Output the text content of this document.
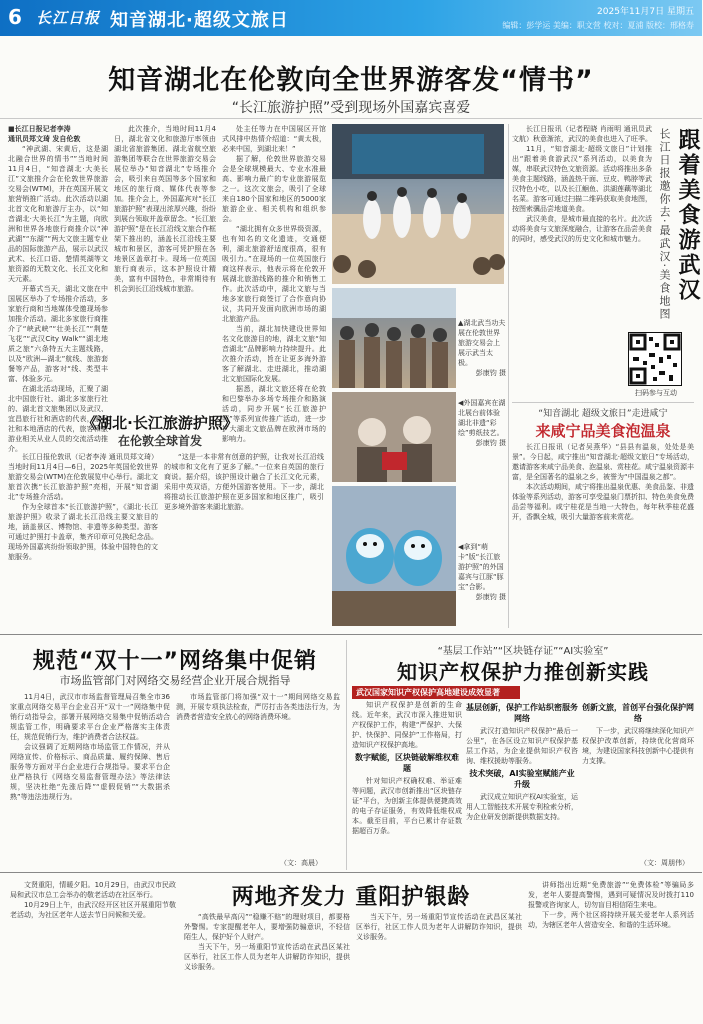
6 长江日报 知音湖北·超级文旅日	2025年11月7日 星期五
编辑：彭学运 美编：职文营 校对：夏浦 版校：邢格寿
知音湖北在伦敦向全世界游客发“情书”
“长江旅游护照”受到现场外国嘉宾喜爱
■长江日报记者李涛
通讯员郑文琦 发自伦敦
“神武湖、宋黄后，这是湖北融合世界的情书””当地时间11月4日，“知音湖北·大美长江”文旅推介会在伦敦世界旅游交易会(WTM)，并在英国开展文旅营销推广活动。此次活动以湖北首文化和旅游厅主办，以“知音湖北·大美长江”为主题，向欧洲和世界各地旅行商推介以“神武湖”“东湖”“两大文旅主题专业品的国际旅游产品，展示以武汉武术、长江口语、楚情英湖等文旅资源的无数文化、长江文化和天元素。
开幕式当天，湖北文旅在中国展区举办了专场推介活动，多家旅行商和当地媒体受邀现场参加推介活动。湖北多家旅行商推介了“峡武峡”“壮美长江”“荆楚飞花”“武汉City Walk”“湖北地质之旅”六条特五大主题线路，以及“欧洲—湖北”航线、旅游套餐等产品，游客对“线、类型丰富、体验多元。
在湖北活动现场，汇聚了湖北中国旅行社、湖北多家旅行社的、湖北首文旅集团以及武汉、宜昌旅行社和酒店的代表，旅行社和本地酒店的代表，旅客和旅游业相关从业人员的交流活动推介。
此次推介，当地时间11月4日，湖北省文化和旅游厅率领由湖北省旅游集团、湖北省航空旅游集团等联合在世界旅游交易会展位举办“知音湖北”专场推介会，吸引来自英国等多个国家和地区的旅行商、媒体代表等参加。推介会上，外国嘉宾对“长江旅游护照”表现出浓厚兴趣，纷纷到展台领取并盖章留念。“长江旅游护照”是在长江沿线文旅合作框架下推出的，涵盖长江沿线主要城市和景区，游客可凭护照在各地景区盖章打卡。现场一位英国旅行商表示，这本护照设计精美，富有中国特色，非常期待有机会到长江沿线城市旅游。
处主任等力在中国展区开馆式风排中热情介绍道：“黄太极，必来中国，到湖北来！”
据了解，伦敦世界旅游交易会是全球规模最大、专业水准最高、影响力最广的专业旅游展览之一。这次文旅会，吸引了全球来自180个国家和地区的5000家旅游企业、相关机构和组织参会。
“湖北拥有众多世界级资源，也有知名的文化遗迹，交通便利，湖北旅游舒适度很高，很有吸引力。”在现场的一位英国旅行商这样表示，他表示将在伦敦开展湖北旅游线路的推介和销售工作。此次活动中，湖北文旅与当地多家旅行商签订了合作意向协议，共同开发面向欧洲市场的湖北旅游产品。
当前，湖北加快建设世界知名文化旅游目的地，湖北文旅“知音湖北”品牌影响力持续提升。此次推介活动，旨在让更多海外游客了解湖北、走进湖北，推动湖北文旅国际化发展。
据悉，湖北文旅还将在伦敦和巴黎举办多场专场推介和路演活动，同步开展“长江旅游护照”等系列宣传推广活动，进一步扩大湖北文旅品牌在欧洲市场的影响力。
▲湖北武当功夫展在伦敦世界旅游交易会上展示武当太极。
彭康钧 摄
◀外国嘉宾在湖北展台前体验湖北非遗“彩绘”剪纸技艺。
彭康钧 摄
◀拿到“萌卡”版“长江旅游护照”的外国嘉宾与江豚“豚宝”合影。
彭康钧 摄
《湖北·长江旅游护照》
在伦敦全球首发
长江日报伦敦讯（记者李涛 通讯员郑文琦）当地时间11月4日—6日，2025年英国伦敦世界旅游交易会(WTM)在伦敦展览中心举行。湖北文旅首次携“长江旅游护照”亮相，开展“知音湖北”专场推介活动。
作为全球首本“长江旅游护照”，《湖北·长江旅游护照》收录了湖北长江沿线主要文旅目的地，涵盖景区、博物馆、非遗等多种类型。游客可通过护照打卡盖章，集齐印章可兑换纪念品。现场外国嘉宾纷纷领取护照，体验中国特色的文旅服务。
“这是一本非常有创意的护照，让我对长江沿线的城市和文化有了更多了解。”一位来自英国的旅行商说。据介绍，该护照设计融合了长江文化元素，采用中英双语，方便外国游客使用。下一步，湖北将推动长江旅游护照在更多国家和地区推广，吸引更多境外游客来湖北旅游。
长江日报讯（记者程晓 肖雨明 通讯员武文航）秋意渐浓，武汉的美食也进入了旺季。
11月，“知音湖北·超级文旅日”计划推出“跟着美食游武汉”系列活动，以美食为媒，串联武汉特色文旅资源。活动将推出多条美食主题线路，涵盖热干面、豆皮、鸭脖等武汉特色小吃，以及长江鮰鱼、洪湖莲藕等湖北名菜。游客可通过扫描二维码获取美食地图，按图索骥品尝地道美食。
武汉美食，是城市最直接的名片。此次活动将美食与文旅深度融合，让游客在品尝美食的同时，感受武汉的历史文化和城市魅力。	长江日报邀你去·最武汉·美食地图 跟着美食游武汉
扫码参与互动
“知音湖北 超级文旅日”走进咸宁
来咸宁品美食泡温泉
长江日报讯（记者吴燕华）“县县有温泉，处处是美景”。今日起，咸宁推出“知音湖北·超级文旅日”专场活动，邀请游客来咸宁品美食、泡温泉、赏桂花。咸宁温泉资源丰富，是全国著名的温泉之乡，被誉为“中国温泉之都”。
本次活动期间，咸宁将推出温泉优惠、美食品鉴、非遗体验等系列活动，游客可享受温泉门票折扣、特色美食免费品尝等福利。咸宁桂花是当地一大特色，每年秋季桂花盛开，香飘全城，吸引大量游客前来赏花。
规范“双十一”网络集中促销
市场监管部门对网络交易经营企业开展合规指导
11月4日，武汉市市场监督管理局召集全市36家重点网络交易平台企业召开“双十一”网络集中促销行动指导会，部署开展网络交易集中促销活动合规监管工作，明确要求平台企业严格落实主体责任，规范促销行为，维护消费者合法权益。
会议强调了近期网络市场监管工作情况，并从网络宣传、价格标示、商品质量、履约保障、售后服务等方面对平台企业进行合规指导。要求平台企业严格执行《网络交易监督管理办法》等法律法规，坚决杜绝“先涨后降”“虚假促销”“大数据杀熟”等违法违规行为。
市场监管部门将加强“双十一”期间网络交易监测，开展专项执法检查，严厉打击各类违法行为，为消费者营造安全放心的网络消费环境。
（文：高晨）
“基层工作站”“区块链存证”“AI实验室”
知识产权保护力推创新实践
武汉国家知识产权保护高地建设成效显著
知识产权保护是创新的生命线。近年来，武汉市深入推进知识产权保护工作，构建“严保护、大保护、快保护、同保护”工作格局，打造知识产权保护高地。
数字赋能，区块链破解维权难题
针对知识产权确权难、举证难等问题，武汉市创新推出“区块链存证”平台，为创新主体提供便捷高效的电子存证服务，有效降低维权成本。截至目前，平台已累计存证数据超百万条。
基层创新，保护工作站织密服务网络
武汉打造知识产权保护“最后一公里”，在各区设立知识产权保护基层工作站，为企业提供知识产权咨询、维权援助等服务。
技术突破，AI实验室赋能产业升级
武汉成立知识产权AI实验室，运用人工智能技术开展专利检索分析，为企业研发创新提供数据支持。
创新文旅，首创平台强化保护网络
下一步，武汉将继续深化知识产权保护改革创新，持续优化营商环境，为建设国家科技创新中心提供有力支撑。
（文：周朋伟）
两地齐发力 重阳护银龄
文贤重阳，情暖夕阳。10月29日，由武汉市民政局和武汉市总工会举办的敬老活动在社区举行。
10月29日上午，由武汉经开区社区开展重阳节敬老活动，为社区老年人送去节日问候和关爱。	“高铁最早高闪”“稳赚不赔”的理财项目，都要格外警惕。专家提醒老年人，要增强防骗意识，不轻信陌生人，保护好个人财产。
当天下午，另一场重阳节宣传活动在武昌区某社区举行，社区工作人员为老年人讲解防诈知识，提供义诊服务。
当天下午，另一场重阳节宣传活动在武昌区某社区举行，社区工作人员为老年人讲解防诈知识，提供义诊服务。
讲师指出近期“免费旅游”“免费体检”等骗局多发，老年人要提高警惕，遇到可疑情况及时拨打110报警或咨询家人，切勿盲目相信陌生来电。
下一步，两个社区将持续开展关爱老年人系列活动，为辖区老年人营造安全、和谐的生活环境。
